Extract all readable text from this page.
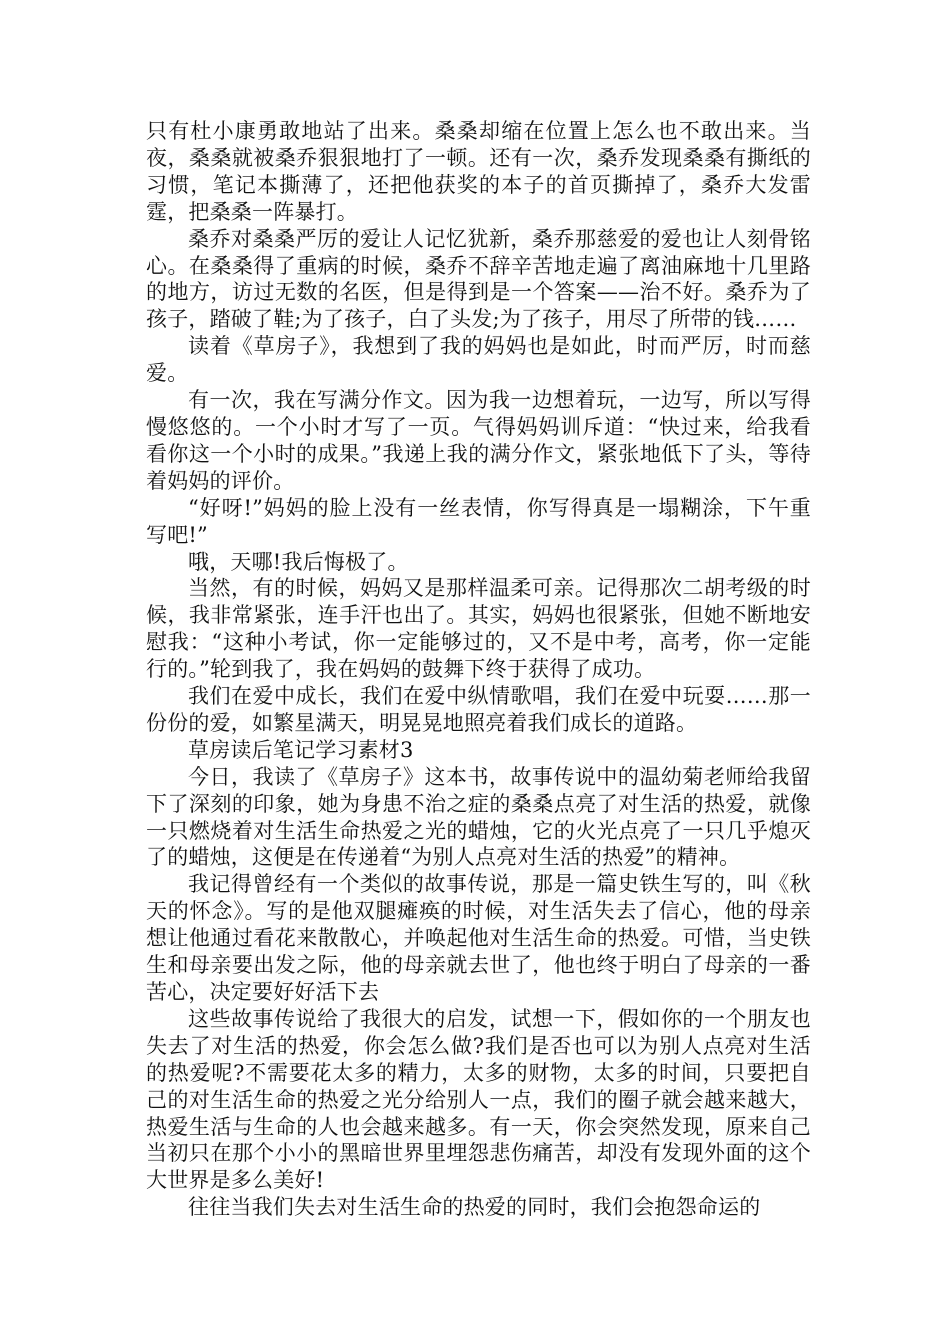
只有杜小康勇敢地站了出来。桑桑却缩在位置上怎么也不敢出来。当夜，桑桑就被桑乔狠狠地打了一顿。还有一次，桑乔发现桑桑有撕纸的习惯，笔记本撕薄了，还把他获奖的本子的首页撕掉了，桑乔大发雷霆，把桑桑一阵暴打。

桑乔对桑桑严厉的爱让人记忆犹新，桑乔那慈爱的爱也让人刻骨铭心。在桑桑得了重病的时候，桑乔不辞辛苦地走遍了离油麻地十几里路的地方，访过无数的名医，但是得到是一个答案——治不好。桑乔为了孩子，踏破了鞋;为了孩子，白了头发;为了孩子，用尽了所带的钱……

读着《草房子》，我想到了我的妈妈也是如此，时而严厉，时而慈爱。

有一次，我在写满分作文。因为我一边想着玩，一边写，所以写得慢悠悠的。一个小时才写了一页。气得妈妈训斥道：“快过来，给我看看你这一个小时的成果。”我递上我的满分作文，紧张地低下了头，等待着妈妈的评价。

“好呀!”妈妈的脸上没有一丝表情，你写得真是一塌糊涂，下午重写吧!”

哦，天哪!我后悔极了。

当然，有的时候，妈妈又是那样温柔可亲。记得那次二胡考级的时候，我非常紧张，连手汗也出了。其实，妈妈也很紧张，但她不断地安慰我：“这种小考试，你一定能够过的，又不是中考，高考，你一定能行的。”轮到我了，我在妈妈的鼓舞下终于获得了成功。

我们在爱中成长，我们在爱中纵情歌唱，我们在爱中玩耍……那一份份的爱，如繁星满天，明晃晃地照亮着我们成长的道路。

草房读后笔记学习素材3

今日，我读了《草房子》这本书，故事传说中的温幼菊老师给我留下了深刻的印象，她为身患不治之症的桑桑点亮了对生活的热爱，就像一只燃烧着对生活生命热爱之光的蜡烛，它的火光点亮了一只几乎熄灭了的蜡烛，这便是在传递着“为别人点亮对生活的热爱”的精神。

我记得曾经有一个类似的故事传说，那是一篇史铁生写的，叫《秋天的怀念》。写的是他双腿瘫痪的时候，对生活失去了信心，他的母亲想让他通过看花来散散心，并唤起他对生活生命的热爱。可惜，当史铁生和母亲要出发之际，他的母亲就去世了，他也终于明白了母亲的一番苦心，决定要好好活下去

这些故事传说给了我很大的启发，试想一下，假如你的一个朋友也失去了对生活的热爱，你会怎么做?我们是否也可以为别人点亮对生活的热爱呢?不需要花太多的精力，太多的财物，太多的时间，只要把自己的对生活生命的热爱之光分给别人一点，我们的圈子就会越来越大，热爱生活与生命的人也会越来越多。有一天，你会突然发现，原来自己当初只在那个小小的黑暗世界里埋怨悲伤痛苦，却没有发现外面的这个大世界是多么美好!

往往当我们失去对生活生命的热爱的同时，我们会抱怨命运的
